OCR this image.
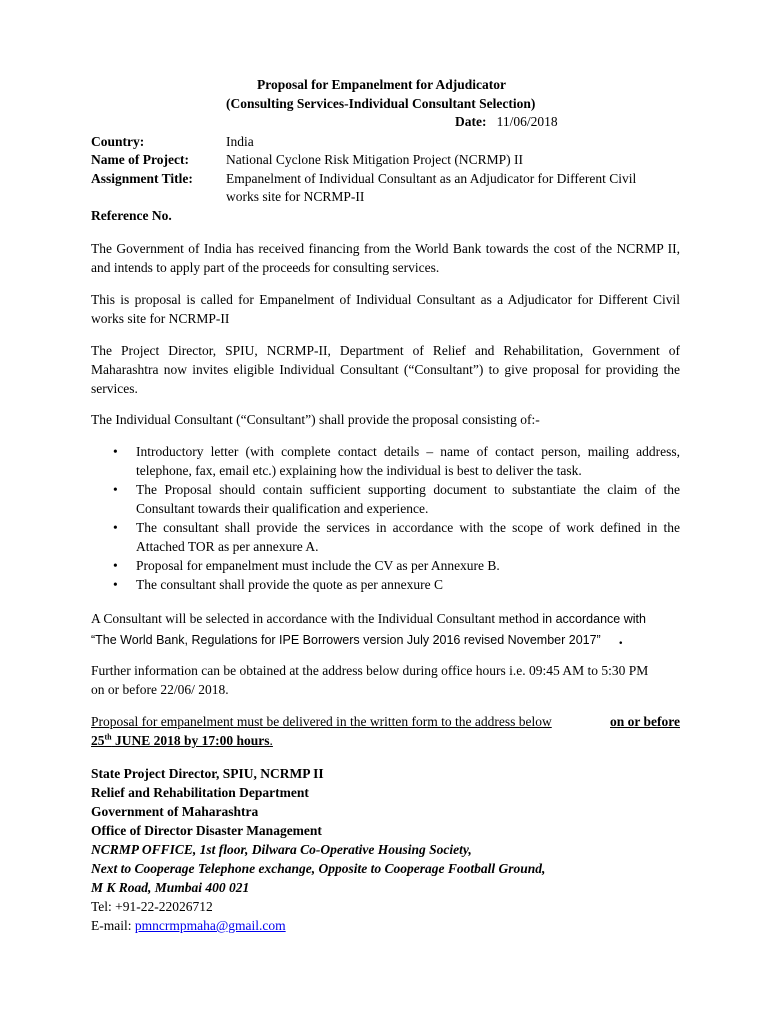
Proposal for Empanelment for Adjudicator
(Consulting Services-Individual Consultant Selection)
Date: 11/06/2018
Country:	India
Name of Project:	National Cyclone Risk Mitigation Project (NCRMP) II
Assignment Title: Empanelment of Individual Consultant as an Adjudicator for Different Civil
works site for NCRMP-II
Reference No.
The Government of India has received financing from the World Bank towards the cost of the NCRMP II, and intends to apply part of the proceeds for consulting services.
This is proposal is called for Empanelment of Individual Consultant as a Adjudicator for Different Civil works site for NCRMP-II
The Project Director, SPIU, NCRMP-II, Department of Relief and Rehabilitation, Government of Maharashtra now invites eligible Individual Consultant (“Consultant”) to give proposal for providing the services.
The Individual Consultant (“Consultant”) shall provide the proposal consisting of:-
• Introductory letter (with complete contact details – name of contact person, mailing address, telephone, fax, email etc.) explaining how the individual is best to deliver the task.
• The Proposal should contain sufficient supporting document to substantiate the claim of the Consultant towards their qualification and experience.
• The consultant shall provide the services in accordance with the scope of work defined in the Attached TOR as per annexure A.
• Proposal for empanelment must include the CV as per Annexure B.
• The consultant shall provide the quote as per annexure C
A Consultant will be selected in accordance with the Individual Consultant method in accordance with
“The World Bank, Regulations for IPE Borrowers version July 2016 revised November 2017” .
Further information can be obtained at the address below during office hours i.e. 09:45 AM to 5:30 PM
on or before 22/06/ 2018.
Proposal for empanelment must be delivered in the written form to the address below	on or before
25th JUNE 2018 by 17:00 hours.
State Project Director, SPIU, NCRMP II
Relief and Rehabilitation Department
Government of Maharashtra
Office of Director Disaster Management
NCRMP OFFICE, 1st floor, Dilwara Co-Operative Housing Society,
Next to Cooperage Telephone exchange, Opposite to Cooperage Football Ground,
M K Road, Mumbai 400 021
Tel: +91-22-22026712
E-mail: pmncrmpmaha@gmail.com
